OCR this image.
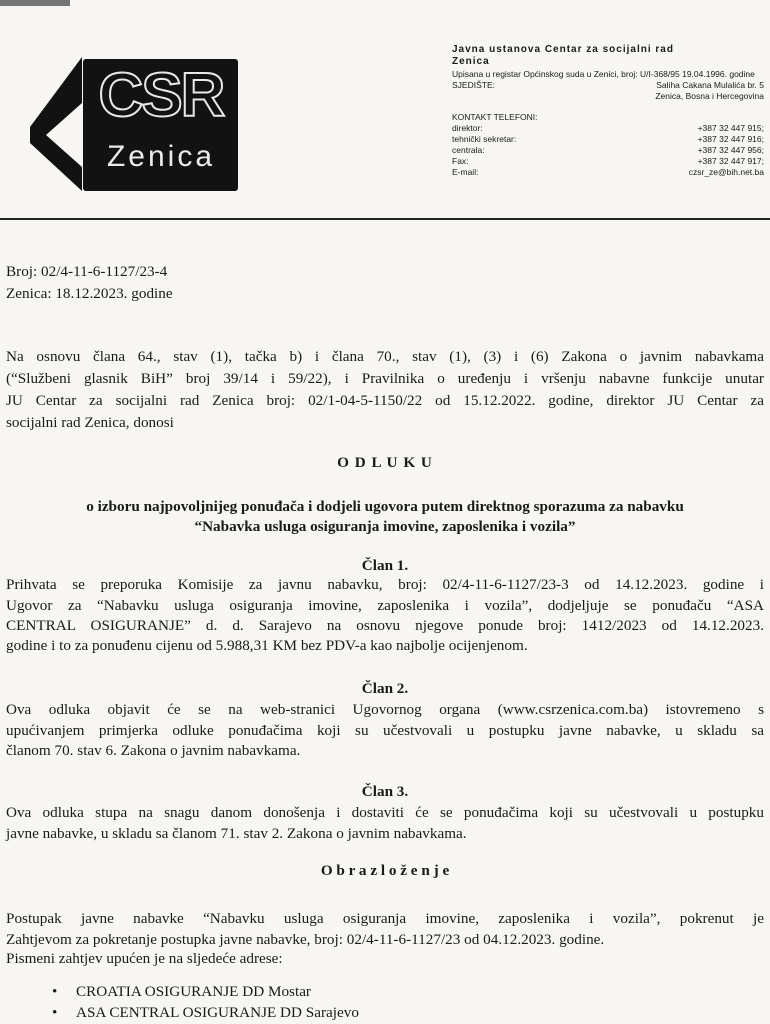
CSR
Zenica
Javna ustanova Centar za socijalni rad
Zenica
Upisana u registar Općinskog suda u Zenici, broj: U/I-368/95 19.04.1996. godine
SJEDIŠTE:	Saliha Cakana Mulalića br. 5
Zenica, Bosna i Hercegovina
KONTAKT TELEFONI:
direktor:	+387 32 447 915;
tehnički sekretar:	+387 32 447 916;
centrala:	+387 32 447 956;
Fax:	+387 32 447 917;
E-mail:	czsr_ze@bih.net.ba
Broj: 02/4-11-6-1127/23-4
Zenica: 18.12.2023. godine
Na osnovu člana 64., stav (1), tačka b) i člana 70., stav (1), (3) i (6) Zakona o javnim nabavkama
(“Službeni glasnik BiH” broj 39/14 i 59/22), i Pravilnika o uređenju i vršenju nabavne funkcije unutar
JU Centar za socijalni rad Zenica broj: 02/1-04-5-1150/22 od 15.12.2022. godine, direktor JU Centar za
socijalni rad Zenica, donosi
O D L U K U
o izboru najpovoljnijeg ponuđača i dodjeli ugovora putem direktnog sporazuma za nabavku
“Nabavka usluga osiguranja imovine, zaposlenika i vozila”
Član 1.
Prihvata se preporuka Komisije za javnu nabavku, broj: 02/4-11-6-1127/23-3 od 14.12.2023. godine i
Ugovor za “Nabavku usluga osiguranja imovine, zaposlenika i vozila”, dodjeljuje se ponuđaču “ASA
CENTRAL OSIGURANJE” d. d. Sarajevo na osnovu njegove ponude broj: 1412/2023 od 14.12.2023.
godine i to za ponuđenu cijenu od 5.988,31 KM bez PDV-a kao najbolje ocijenjenom.
Član 2.
Ova odluka objavit će se na web-stranici Ugovornog organa (www.csrzenica.com.ba) istovremeno s
upućivanjem primjerka odluke ponuđačima koji su učestvovali u postupku javne nabavke, u skladu sa
članom 70. stav 6. Zakona o javnim nabavkama.
Član 3.
Ova odluka stupa na snagu danom donošenja i dostaviti će se ponuđačima koji su učestvovali u postupku
javne nabavke, u skladu sa članom 71. stav 2. Zakona o javnim nabavkama.
O b r a z l o ž e n j e
Postupak javne nabavke “Nabavku usluga osiguranja imovine, zaposlenika i vozila”, pokrenut je
Zahtjevom za pokretanje postupka javne nabavke, broj: 02/4-11-6-1127/23 od 04.12.2023. godine.
Pismeni zahtjev upućen je na sljedeće adrese:
• CROATIA OSIGURANJE DD Mostar
• ASA CENTRAL OSIGURANJE DD Sarajevo
